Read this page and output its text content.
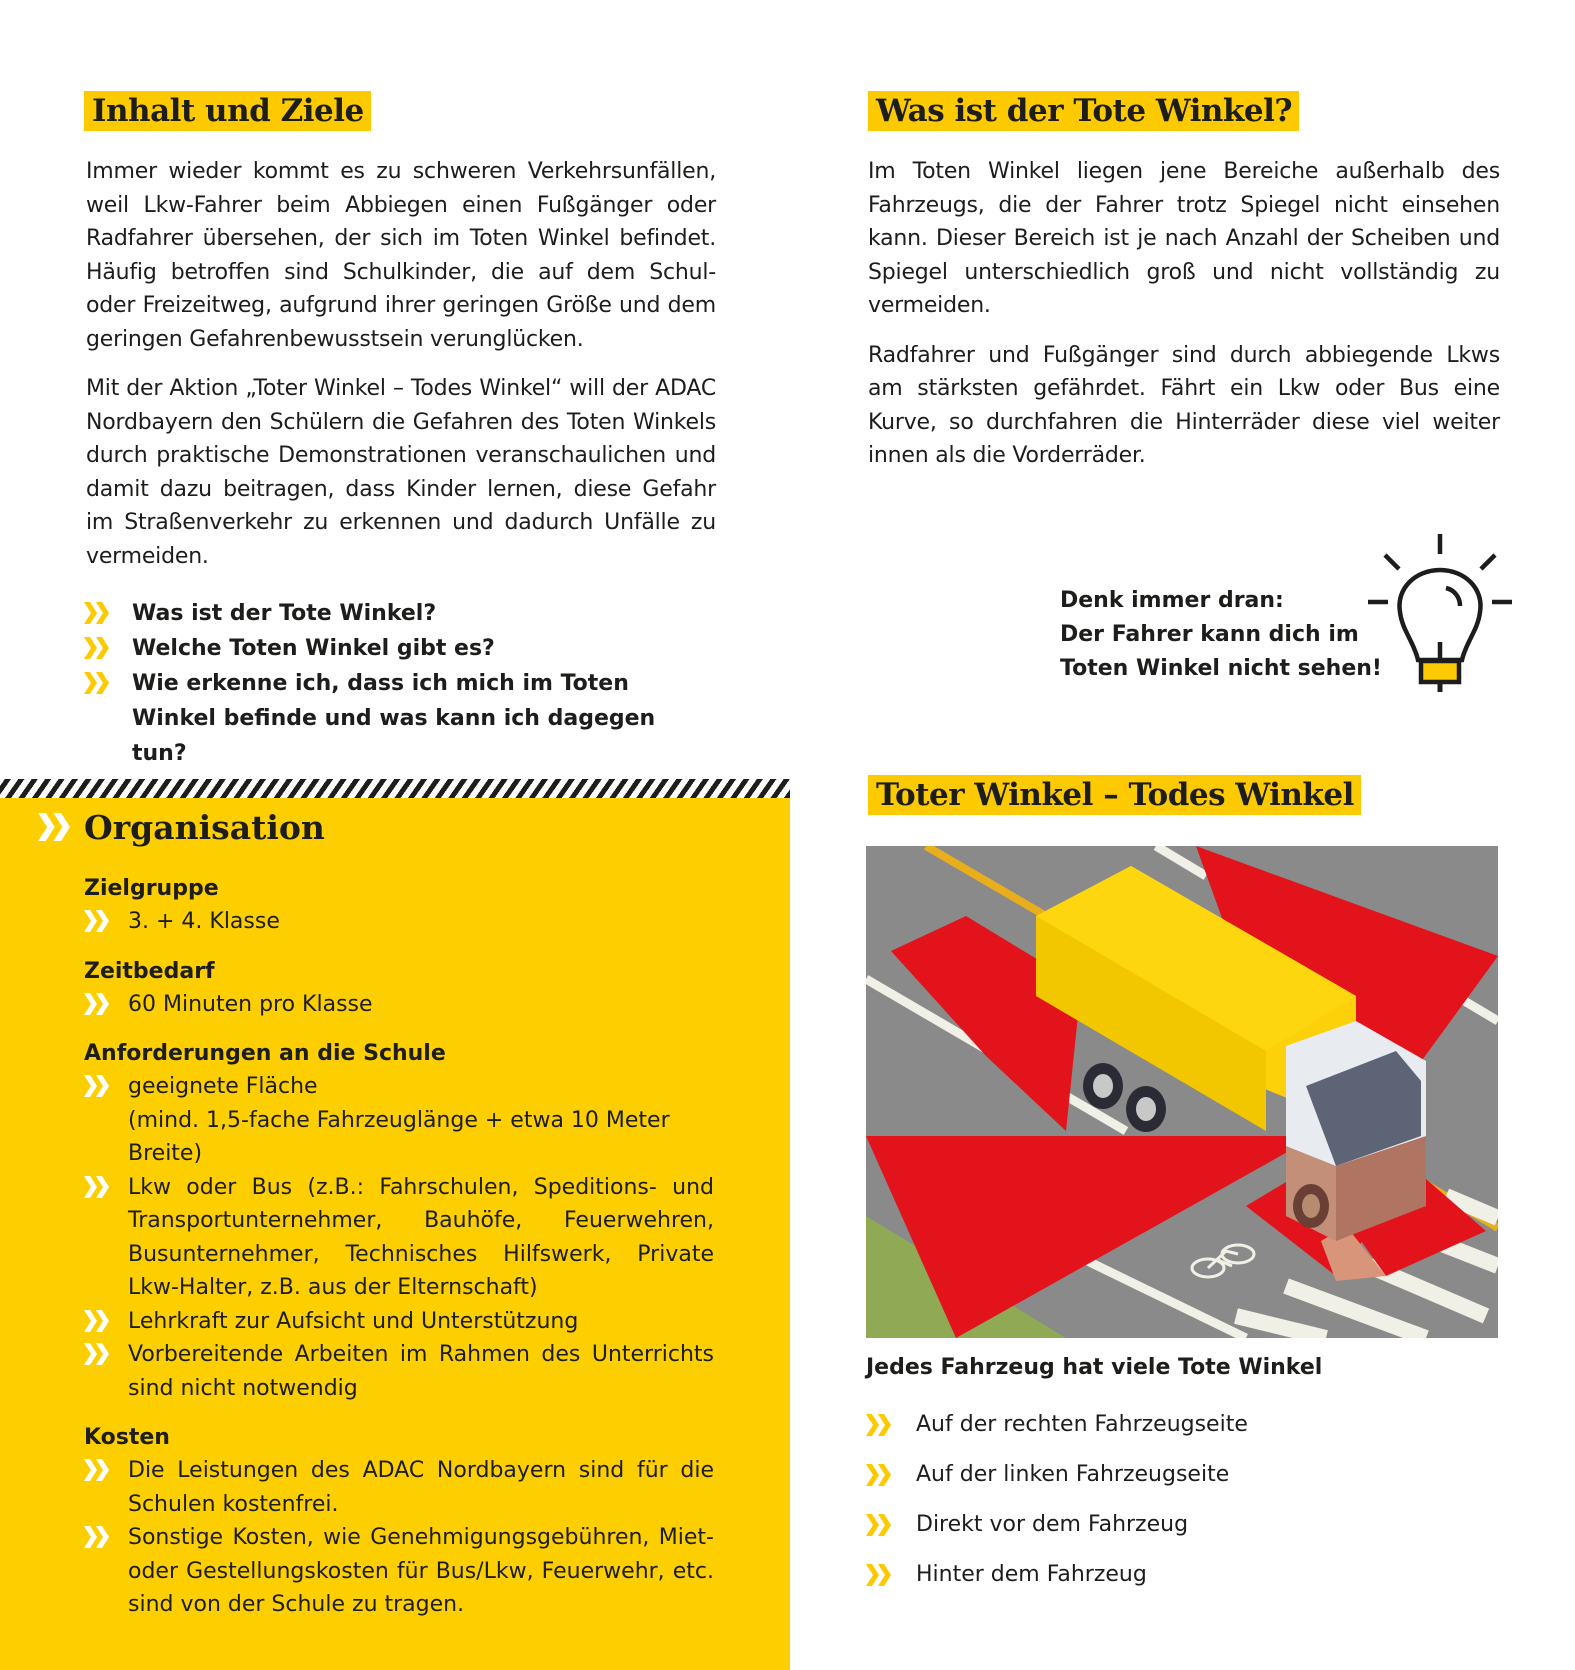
Inhalt und Ziele

Immer wieder kommt es zu schweren Verkehrsunfällen, weil Lkw-Fahrer beim Abbiegen einen Fußgänger oder Radfahrer übersehen, der sich im Toten Winkel befindet. Häufig betroffen sind Schulkinder, die auf dem Schul- oder Freizeitweg, aufgrund ihrer geringen Größe und dem geringen Gefahrenbewusstsein verunglücken.

Mit der Aktion „Toter Winkel – Todes Winkel“ will der ADAC Nordbayern den Schülern die Gefahren des Toten Winkels durch praktische Demonstrationen veranschaulichen und damit dazu beitragen, dass Kinder lernen, diese Gefahr im Straßenverkehr zu erkennen und dadurch Unfälle zu vermeiden.

Was ist der Tote Winkel?
Welche Toten Winkel gibt es?
Wie erkenne ich, dass ich mich im Toten Winkel befinde und was kann ich dagegen tun?
Organisation
Zielgruppe
3. + 4. Klasse
Zeitbedarf
60 Minuten pro Klasse
Anforderungen an die Schule
geeignete Fläche
(mind. 1,5-fache Fahrzeuglänge + etwa 10 Meter Breite)
Lkw oder Bus (z.B.: Fahrschulen, Speditions- und Transportunternehmer, Bauhöfe, Feuerwehren, Busunternehmer, Technisches Hilfswerk, Private Lkw-Halter, z.B. aus der Elternschaft)
Lehrkraft zur Aufsicht und Unterstützung
Vorbereitende Arbeiten im Rahmen des Unterrichts sind nicht notwendig
Kosten
Die Leistungen des ADAC Nordbayern sind für die Schulen kostenfrei.
Sonstige Kosten, wie Genehmigungsgebühren, Miet- oder Gestellungskosten für Bus/Lkw, Feuerwehr, etc. sind von der Schule zu tragen.
Was ist der Tote Winkel?

Im Toten Winkel liegen jene Bereiche außerhalb des Fahrzeugs, die der Fahrer trotz Spiegel nicht einsehen kann. Dieser Bereich ist je nach Anzahl der Scheiben und Spiegel unterschiedlich groß und nicht vollständig zu vermeiden.

Radfahrer und Fußgänger sind durch abbiegende Lkws am stärksten gefährdet. Fährt ein Lkw oder Bus eine Kurve, so durchfahren die Hinterräder diese viel weiter innen als die Vorderräder.

Denk immer dran:
Der Fahrer kann dich im
Toten Winkel nicht sehen!
Toter Winkel – Todes Winkel
Jedes Fahrzeug hat viele Tote Winkel
Auf der rechten Fahrzeugseite
Auf der linken Fahrzeugseite
Direkt vor dem Fahrzeug
Hinter dem Fahrzeug
